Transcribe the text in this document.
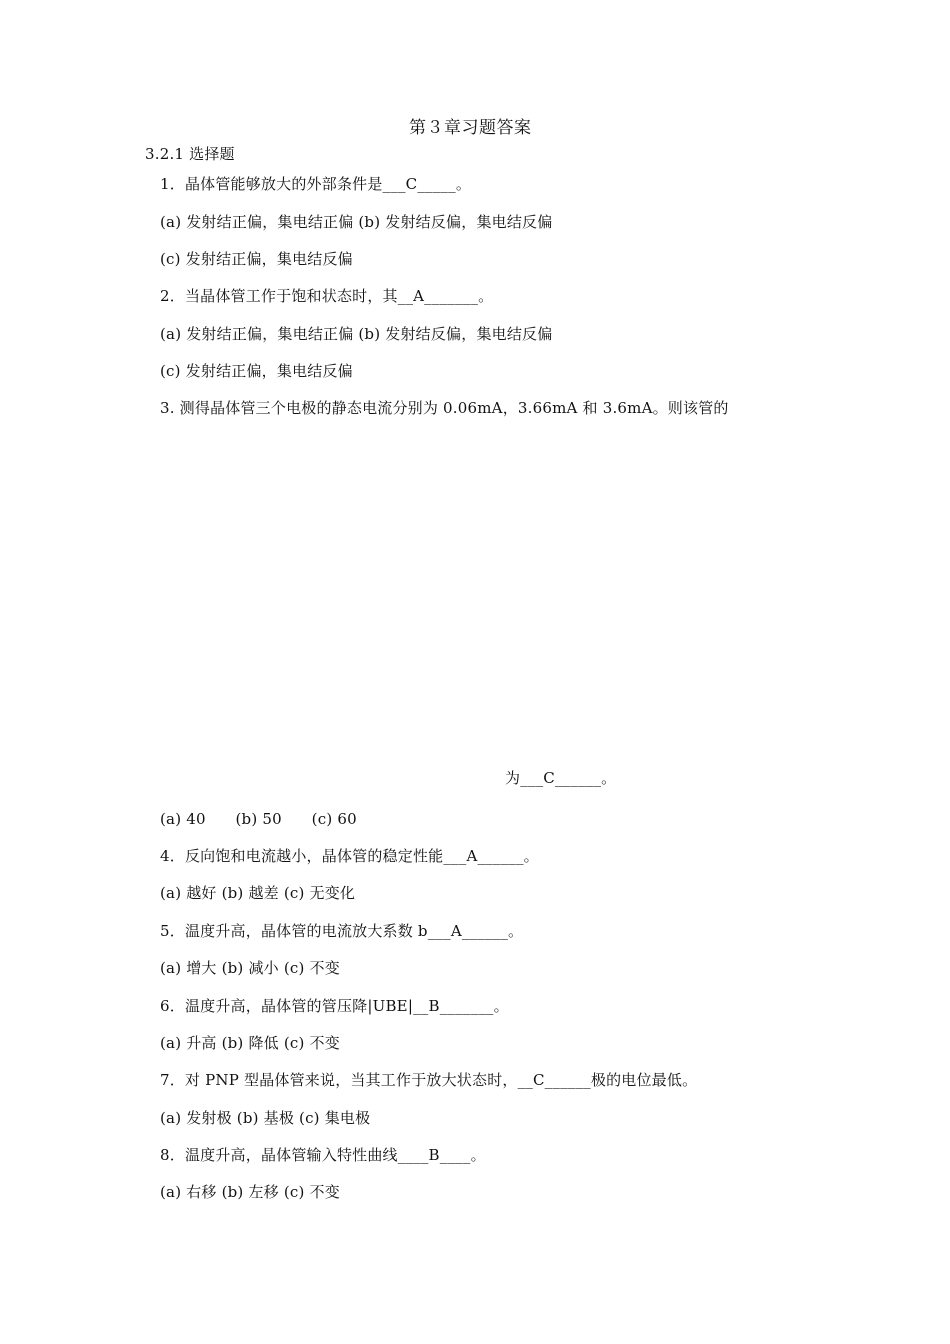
第３章习题答案
3.2.1 选择题
1．晶体管能够放大的外部条件是___C_____。
(a) 发射结正偏，集电结正偏 (b) 发射结反偏，集电结反偏
(c) 发射结正偏，集电结反偏
2．当晶体管工作于饱和状态时，其__A_______。
(a) 发射结正偏，集电结正偏 (b) 发射结反偏，集电结反偏
(c) 发射结正偏，集电结反偏
3. 测得晶体管三个电极的静态电流分别为 0.06mA，3.66mA 和 3.6mA。则该管的
为___C______。
(a) 40      (b) 50      (c) 60
4．反向饱和电流越小，晶体管的稳定性能___A______。
(a) 越好 (b) 越差 (c) 无变化
5．温度升高，晶体管的电流放大系数 b___A______。
(a) 增大 (b) 减小 (c) 不变
6．温度升高，晶体管的管压降|UBE|__B_______。
(a) 升高 (b) 降低 (c) 不变
7．对 PNP 型晶体管来说，当其工作于放大状态时，__C______极的电位最低。
(a) 发射极 (b) 基极 (c) 集电极
8．温度升高，晶体管输入特性曲线____B____。
(a) 右移 (b) 左移 (c) 不变
